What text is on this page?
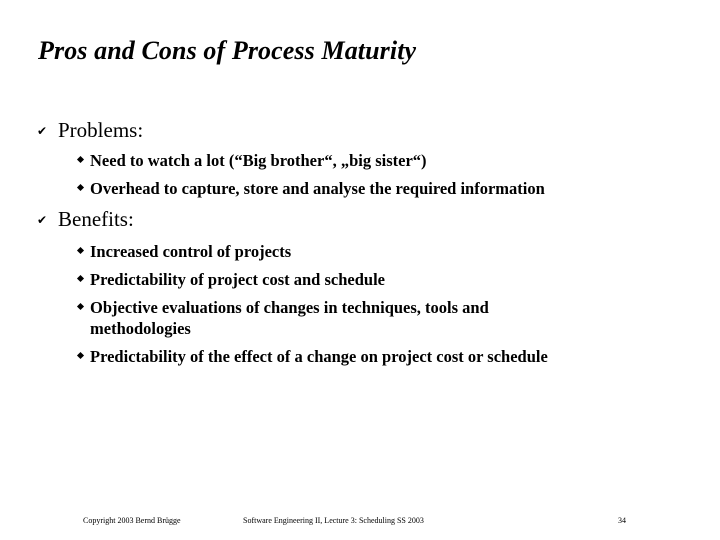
Pros and Cons of Process Maturity
✔ Problems:
Need to watch a lot (“Big brother“, „big sister“)
Overhead to capture, store and analyse the required information
✔ Benefits:
Increased control of projects
Predictability of project cost and schedule
Objective evaluations of changes in techniques, tools and methodologies
Predictability of the effect of a change on project cost or schedule
Copyright 2003 Bernd Brügge	Software Engineering II, Lecture 3: Scheduling SS 2003	34
